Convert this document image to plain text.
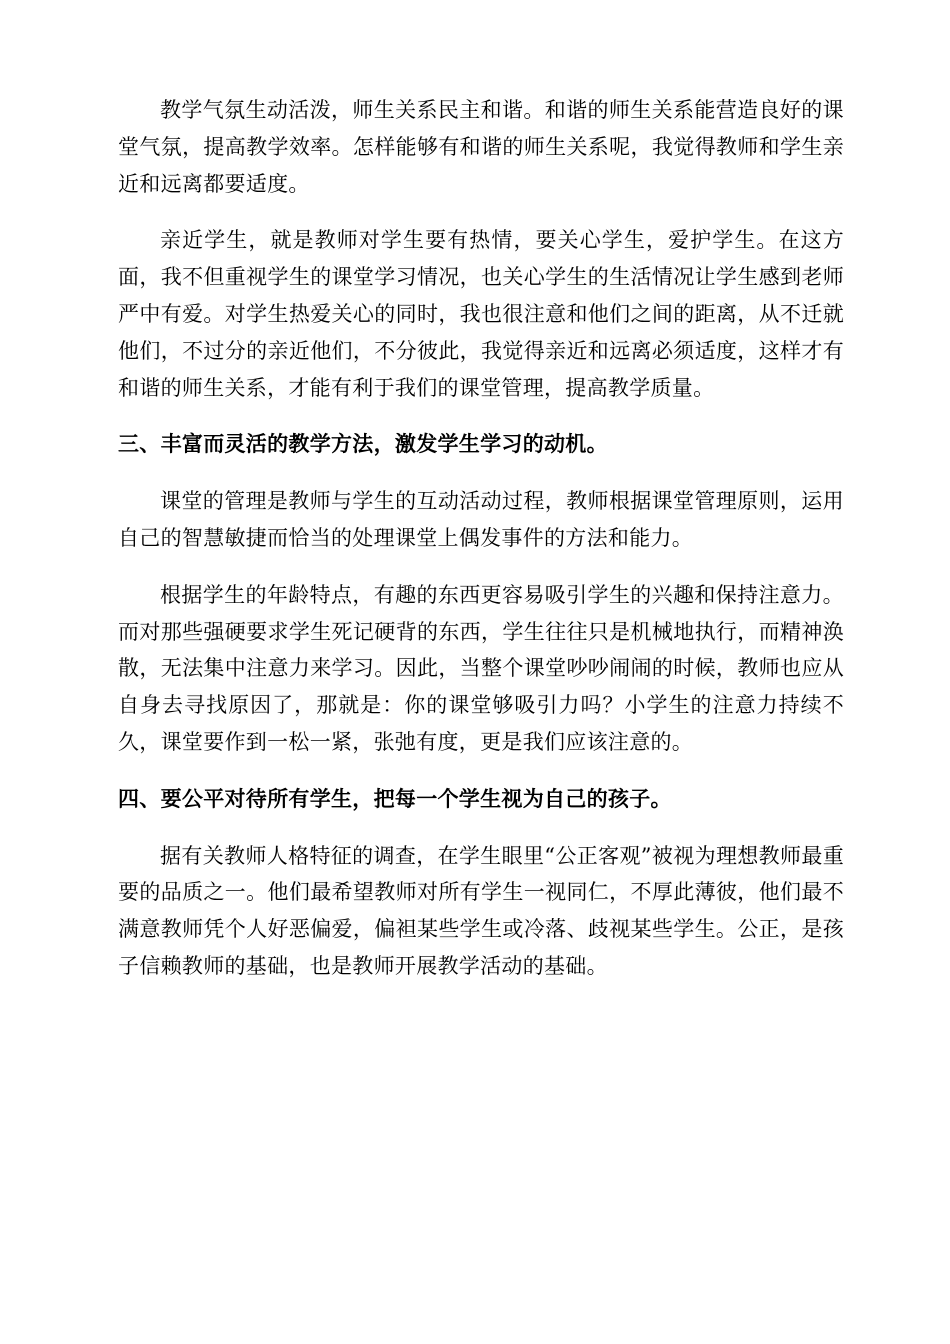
教学气氛生动活泼，师生关系民主和谐。和谐的师生关系能营造良好的课堂气氛，提高教学效率。怎样能够有和谐的师生关系呢，我觉得教师和学生亲近和远离都要适度。

亲近学生，就是教师对学生要有热情，要关心学生，爱护学生。在这方面，我不但重视学生的课堂学习情况，也关心学生的生活情况让学生感到老师严中有爱。对学生热爱关心的同时，我也很注意和他们之间的距离，从不迁就他们，不过分的亲近他们，不分彼此，我觉得亲近和远离必须适度，这样才有和谐的师生关系，才能有利于我们的课堂管理，提高教学质量。

三、丰富而灵活的教学方法，激发学生学习的动机。

课堂的管理是教师与学生的互动活动过程，教师根据课堂管理原则，运用自己的智慧敏捷而恰当的处理课堂上偶发事件的方法和能力。

根据学生的年龄特点，有趣的东西更容易吸引学生的兴趣和保持注意力。而对那些强硬要求学生死记硬背的东西，学生往往只是机械地执行，而精神涣散，无法集中注意力来学习。因此，当整个课堂吵吵闹闹的时候，教师也应从自身去寻找原因了，那就是：你的课堂够吸引力吗？小学生的注意力持续不久，课堂要作到一松一紧，张弛有度，更是我们应该注意的。

四、要公平对待所有学生，把每一个学生视为自己的孩子。

据有关教师人格特征的调查，在学生眼里“公正客观”被视为理想教师最重要的品质之一。他们最希望教师对所有学生一视同仁，不厚此薄彼，他们最不满意教师凭个人好恶偏爱，偏袒某些学生或冷落、歧视某些学生。公正，是孩子信赖教师的基础，也是教师开展教学活动的基础。
